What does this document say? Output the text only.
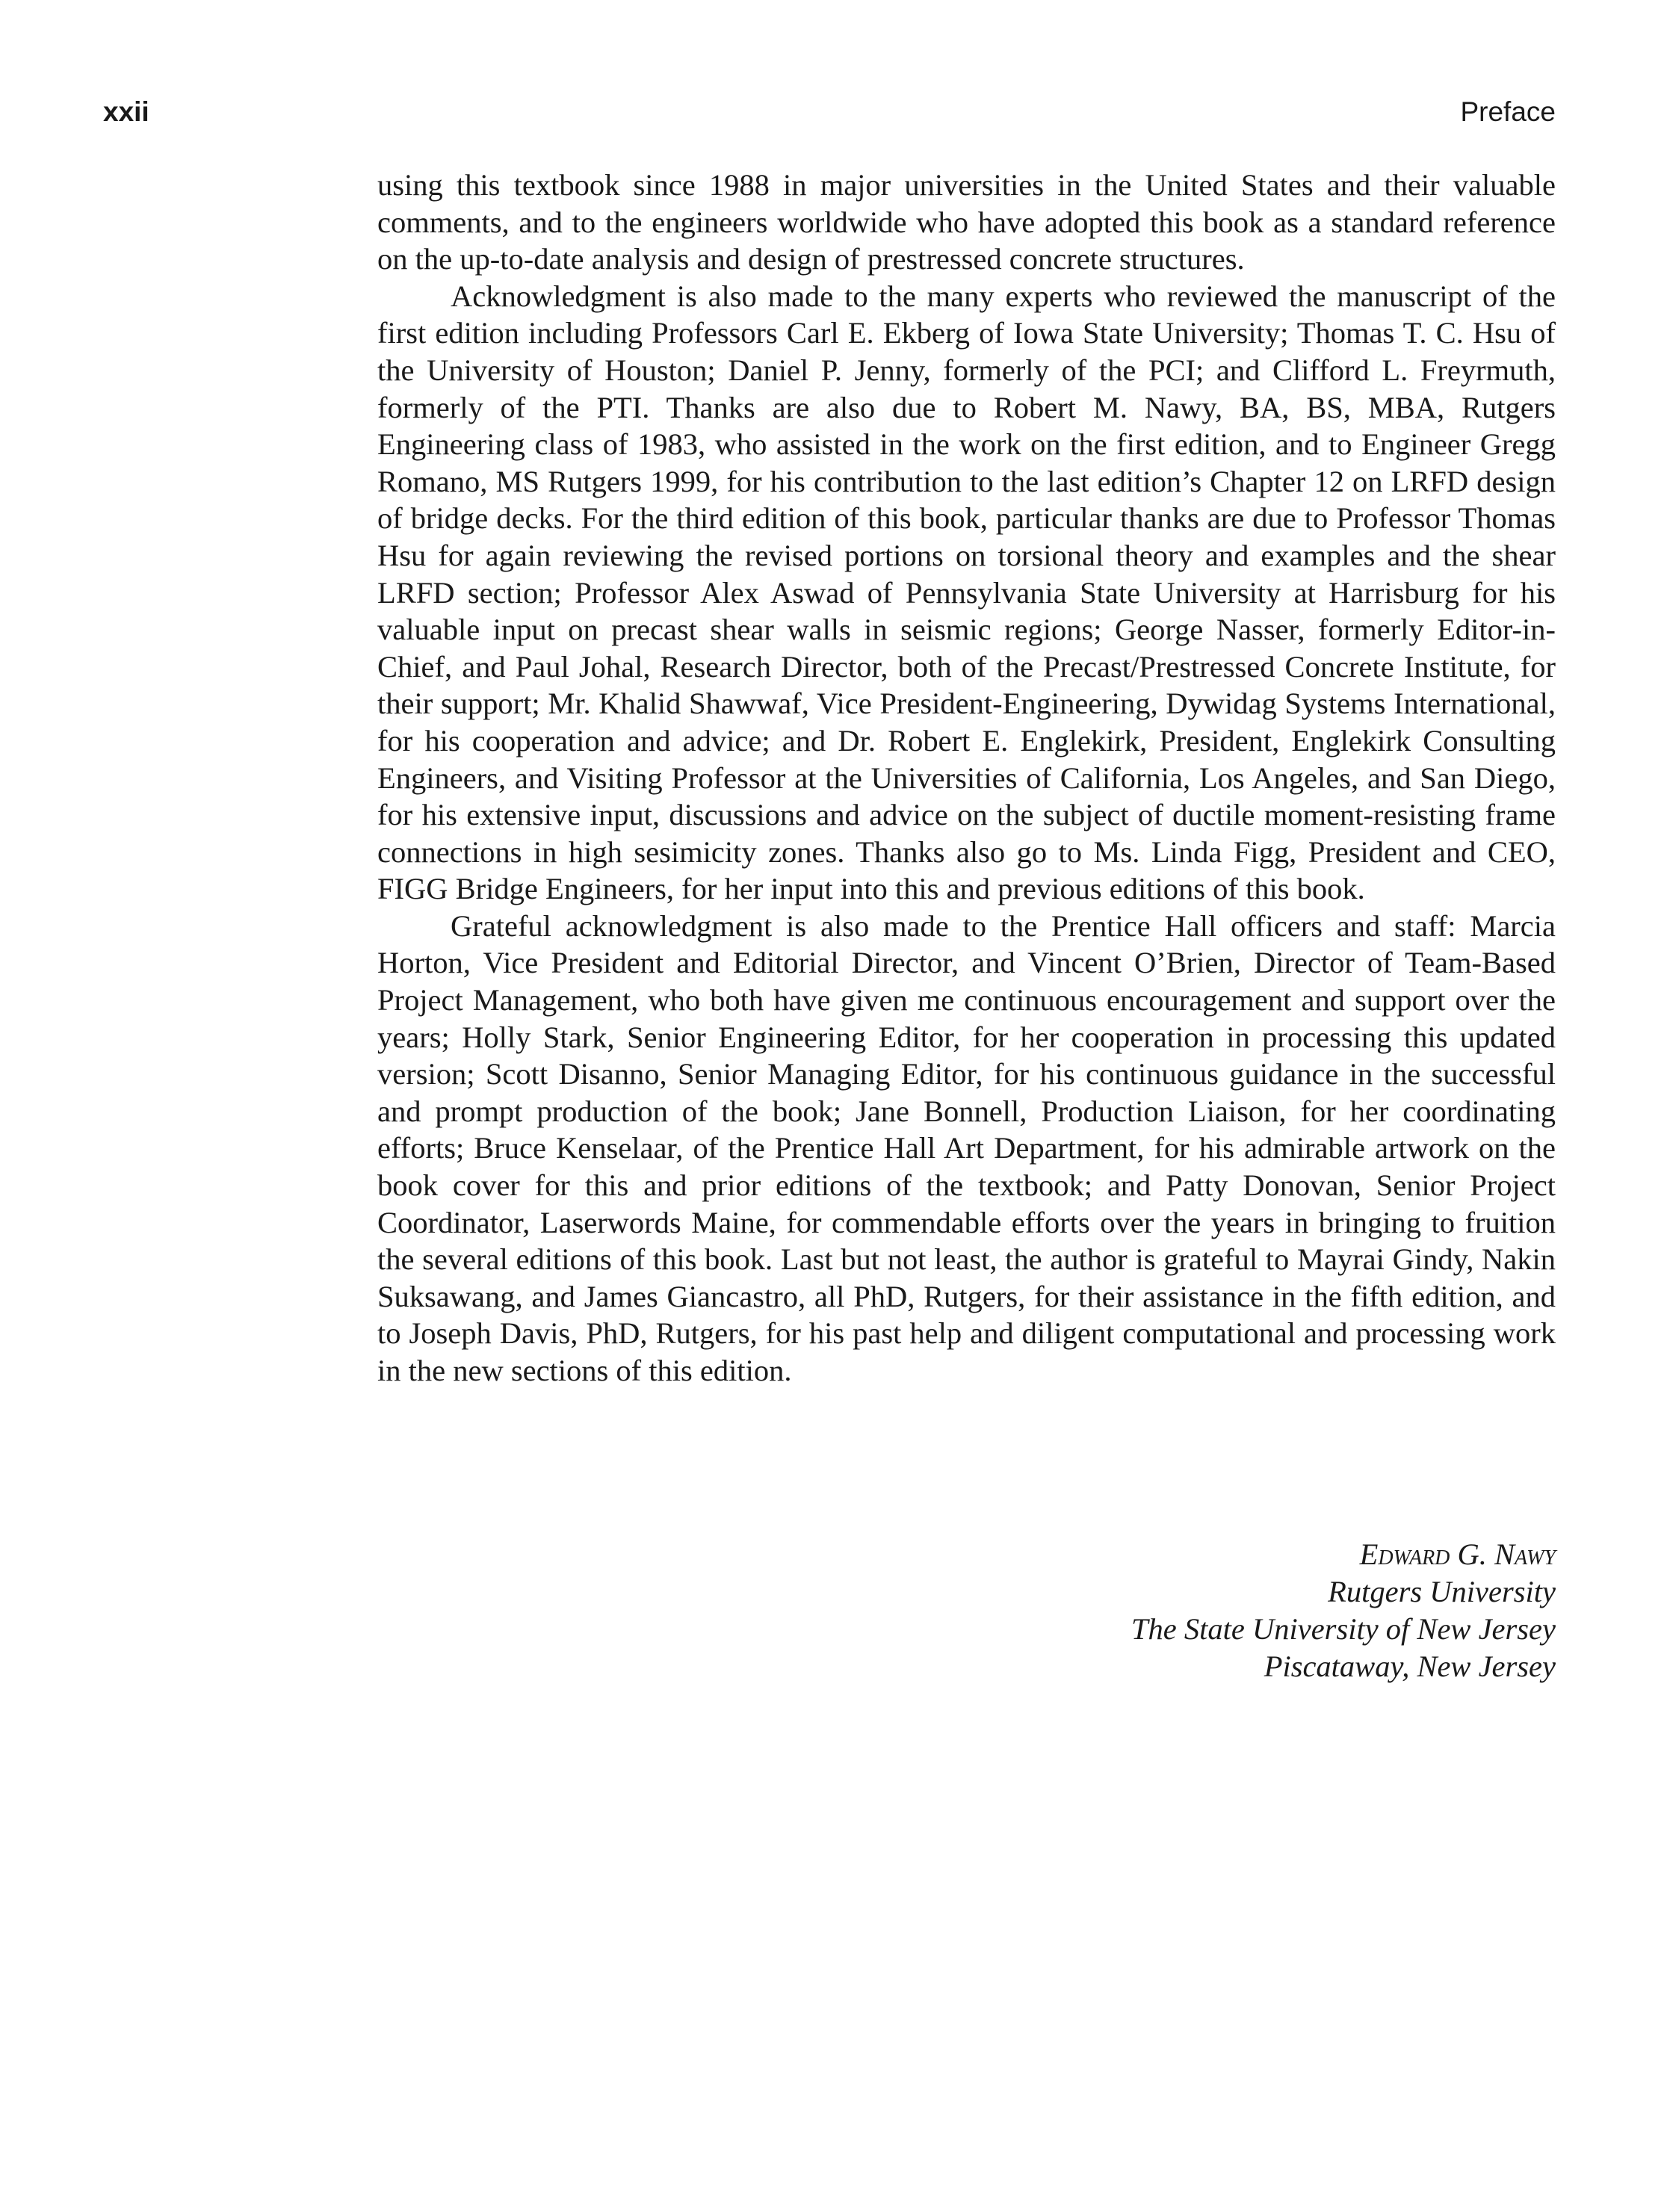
xxii	Preface

using this textbook since 1988 in major universities in the United States and their valuable comments, and to the engineers worldwide who have adopted this book as a standard reference on the up-to-date analysis and design of prestressed concrete structures.

Acknowledgment is also made to the many experts who reviewed the manuscript of the first edition including Professors Carl E. Ekberg of Iowa State University; Thomas T. C. Hsu of the University of Houston; Daniel P. Jenny, formerly of the PCI; and Clifford L. Freyrmuth, formerly of the PTI. Thanks are also due to Robert M. Nawy, BA, BS, MBA, Rutgers Engineering class of 1983, who assisted in the work on the first edition, and to Engineer Gregg Romano, MS Rutgers 1999, for his contribution to the last edition’s Chapter 12 on LRFD design of bridge decks. For the third edition of this book, particular thanks are due to Professor Thomas Hsu for again reviewing the revised portions on torsional theory and examples and the shear LRFD section; Professor Alex Aswad of Pennsylvania State University at Harrisburg for his valuable input on precast shear walls in seismic regions; George Nasser, formerly Editor-in-Chief, and Paul Johal, Research Director, both of the Precast/Prestressed Concrete Institute, for their support; Mr. Khalid Shawwaf, Vice President-Engineering, Dywidag Systems International, for his cooperation and advice; and Dr. Robert E. Englekirk, President, Englekirk Consulting Engineers, and Visiting Professor at the Universities of California, Los Angeles, and San Diego, for his extensive input, discussions and advice on the subject of ductile moment-resisting frame connections in high sesimicity zones. Thanks also go to Ms. Linda Figg, President and CEO, FIGG Bridge Engineers, for her input into this and previous editions of this book.

Grateful acknowledgment is also made to the Prentice Hall officers and staff: Marcia Horton, Vice President and Editorial Director, and Vincent O’Brien, Director of Team-Based Project Management, who both have given me continuous encouragement and support over the years; Holly Stark, Senior Engineering Editor, for her cooperation in processing this updated version; Scott Disanno, Senior Managing Editor, for his continuous guidance in the successful and prompt production of the book; Jane Bonnell, Production Liaison, for her coordinating efforts; Bruce Kenselaar, of the Prentice Hall Art Department, for his admirable artwork on the book cover for this and prior editions of the textbook; and Patty Donovan, Senior Project Coordinator, Laserwords Maine, for commendable efforts over the years in bringing to fruition the several editions of this book. Last but not least, the author is grateful to Mayrai Gindy, Nakin Suksawang, and James Giancastro, all PhD, Rutgers, for their assistance in the fifth edition, and to Joseph Davis, PhD, Rutgers, for his past help and diligent computational and processing work in the new sections of this edition.

Edward G. Nawy
Rutgers University
The State University of New Jersey
Piscataway, New Jersey
